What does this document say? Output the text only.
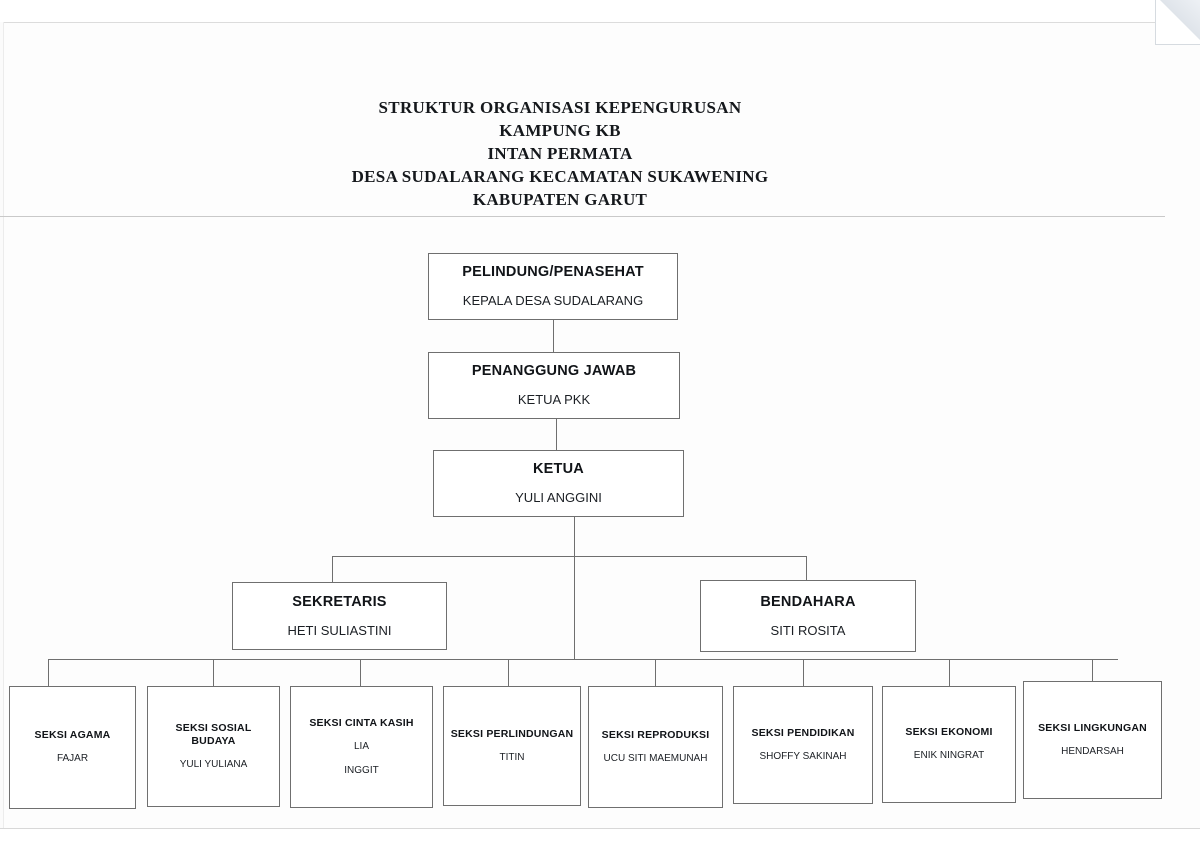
STRUKTUR ORGANISASI KEPENGURUSAN
KAMPUNG KB
INTAN PERMATA
DESA SUDALARANG KECAMATAN SUKAWENING
KABUPATEN GARUT
PELINDUNG/PENASEHAT
KEPALA DESA SUDALARANG
PENANGGUNG JAWAB
KETUA PKK
KETUA
YULI ANGGINI
SEKRETARIS
HETI SULIASTINI
BENDAHARA
SITI ROSITA
SEKSI AGAMA
FAJAR
SEKSI SOSIAL BUDAYA
YULI YULIANA
SEKSI CINTA KASIH
LIA
INGGIT
SEKSI PERLINDUNGAN
TITIN
SEKSI REPRODUKSI
UCU SITI MAEMUNAH
SEKSI PENDIDIKAN
SHOFFY SAKINAH
SEKSI EKONOMI
ENIK NINGRAT
SEKSI LINGKUNGAN
HENDARSAH
